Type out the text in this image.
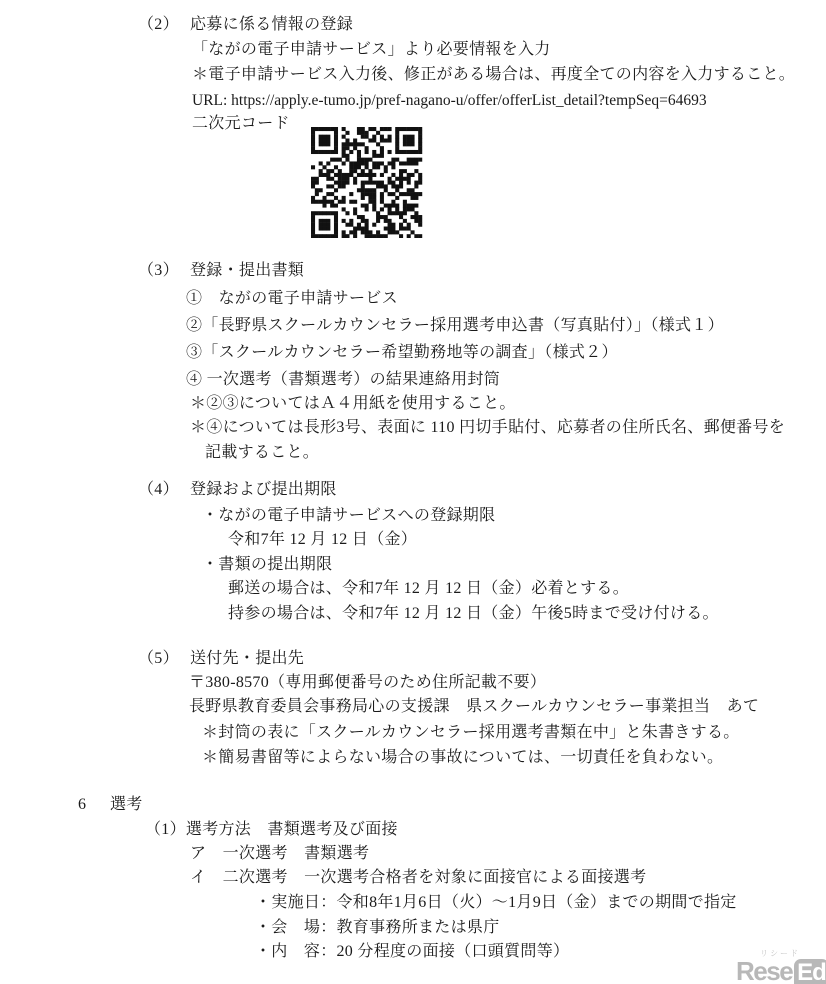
（2） 応募に係る情報の登録
「ながの電子申請サービス」より必要情報を入力
＊電子申請サービス入力後、修正がある場合は、再度全ての内容を入力すること。
URL: https://apply.e-tumo.jp/pref-nagano-u/offer/offerList_detail?tempSeq=64693
二次元コード
（3） 登録・提出書類
①　ながの電子申請サービス
②「長野県スクールカウンセラー採用選考申込書（写真貼付）」（様式１）
③「スクールカウンセラー希望勤務地等の調査」（様式２）
④ 一次選考（書類選考）の結果連絡用封筒
＊②③についてはＡ４用紙を使用すること。
＊④については長形3号、表面に 110 円切手貼付、応募者の住所氏名、郵便番号を
記載すること。
（4） 登録および提出期限
・ながの電子申請サービスへの登録期限
令和7年 12 月 12 日（金）
・書類の提出期限
郵送の場合は、令和7年 12 月 12 日（金）必着とする。
持参の場合は、令和7年 12 月 12 日（金）午後5時まで受け付ける。
（5） 送付先・提出先
〒380-8570（専用郵便番号のため住所記載不要）
長野県教育委員会事務局心の支援課　県スクールカウンセラー事業担当　あて
＊封筒の表に「スクールカウンセラー採用選考書類在中」と朱書きする。
＊簡易書留等によらない場合の事故については、一切責任を負わない。
6 選考
（1）選考方法　書類選考及び面接
ア　一次選考　書類選考
イ　二次選考　一次選考合格者を対象に面接官による面接選考
・実施日：令和8年1月6日（火）～1月9日（金）までの期間で指定
・会　場：教育事務所または県庁
・内　容：20 分程度の面接（口頭質問等）	リシード
Rese Ed
